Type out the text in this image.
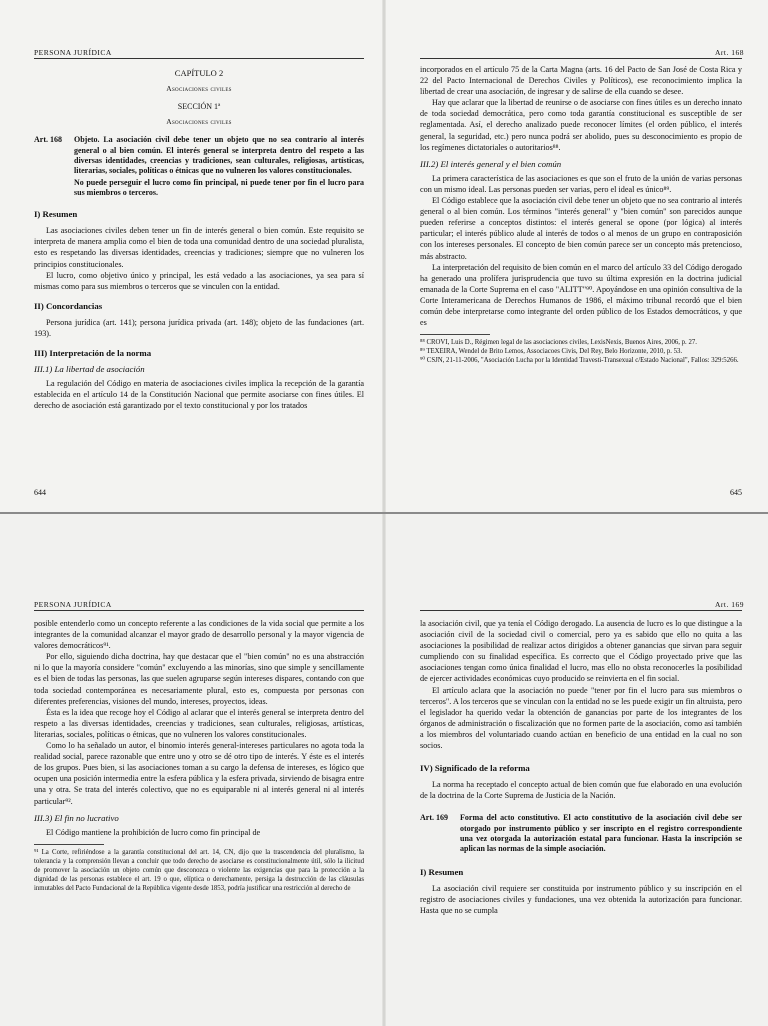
PERSONA JURÍDICA
CAPÍTULO 2
Asociaciones civiles
SECCIÓN 1ª
Asociaciones civiles
Art. 168	Objeto. La asociación civil debe tener un objeto que no sea contrario al interés general o al bien común. El interés general se interpreta dentro del respeto a las diversas identidades, creencias y tradiciones, sean culturales, religiosas, artísticas, literarias, sociales, políticas o étnicas que no vulneren los valores constitucionales.
No puede perseguir el lucro como fin principal, ni puede tener por fin el lucro para sus miembros o terceros.
I) Resumen

Las asociaciones civiles deben tener un fin de interés general o bien común. Este requisito se interpreta de manera amplia como el bien de toda una comunidad dentro de una sociedad pluralista, esto es respetando las diversas identidades, creencias y tradiciones; siempre que no vulneren los principios constitucionales.

El lucro, como objetivo único y principal, les está vedado a las asociaciones, ya sea para sí mismas como para sus miembros o terceros que se vinculen con la entidad.

II) Concordancias

Persona jurídica (art. 141); persona jurídica privada (art. 148); objeto de las fundaciones (art. 193).

III) Interpretación de la norma
III.1) La libertad de asociación

La regulación del Código en materia de asociaciones civiles implica la recepción de la garantía establecida en el artículo 14 de la Constitución Nacional que permite asociarse con fines útiles. El derecho de asociación está garantizado por el texto constitucional y por los tratados

644
Art. 168

incorporados en el artículo 75 de la Carta Magna (arts. 16 del Pacto de San José de Costa Rica y 22 del Pacto Internacional de Derechos Civiles y Políticos), ese reconocimiento implica la libertad de crear una asociación, de ingresar y de salirse de ella cuando se desee.

Hay que aclarar que la libertad de reunirse o de asociarse con fines útiles es un derecho innato de toda sociedad democrática, pero como toda garantía constitucional es susceptible de ser reglamentada. Así, el derecho analizado puede reconocer límites (el orden público, el interés general, la seguridad, etc.) pero nunca podrá ser abolido, pues su desconocimiento es propio de los regímenes dictatoriales o autoritarios⁸⁸.

III.2) El interés general y el bien común

La primera característica de las asociaciones es que son el fruto de la unión de varias personas con un mismo ideal. Las personas pueden ser varias, pero el ideal es único⁸⁹.

El Código establece que la asociación civil debe tener un objeto que no sea contrario al interés general o al bien común. Los términos "interés general" y "bien común" son parecidos aunque pueden referirse a conceptos distintos: el interés general se opone (por lógica) al interés particular; el interés público alude al interés de todos o al menos de un grupo en contraposición con los intereses personales. El concepto de bien común parece ser un concepto más pretencioso, más abstracto.

La interpretación del requisito de bien común en el marco del artículo 33 del Código derogado ha generado una prolífera jurisprudencia que tuvo su última expresión en la doctrina judicial emanada de la Corte Suprema en el caso "ALITT"⁹⁰. Apoyándose en una opinión consultiva de la Corte Interamericana de Derechos Humanos de 1986, el máximo tribunal recordó que el bien común debe interpretarse como integrante del orden público de los Estados democráticos, y que es

⁸⁸ CROVI, Luis D., Régimen legal de las asociaciones civiles, LexisNexis, Buenos Aires, 2006, p. 27.
⁸⁹ TEXEIRA, Wendel de Brito Lemos, Associacoes Civis, Del Rey, Belo Horizonte, 2010, p. 53.
⁹⁰ CSJN, 21-11-2006, "Asociación Lucha por la Identidad Travesti-Transexual c/Estado Nacional", Fallos: 329:5266.
645
PERSONA JURÍDICA

posible entenderlo como un concepto referente a las condiciones de la vida social que permite a los integrantes de la comunidad alcanzar el mayor grado de desarrollo personal y la mayor vigencia de valores democráticos⁹¹.

Por ello, siguiendo dicha doctrina, hay que destacar que el "bien común" no es una abstracción ni lo que la mayoría considere "común" excluyendo a las minorías, sino que simple y sencillamente es el bien de todas las personas, las que suelen agruparse según intereses dispares, contando con que toda sociedad contemporánea es necesariamente plural, esto es, compuesta por personas con diferentes preferencias, visiones del mundo, intereses, proyectos, ideas.

Ésta es la idea que recoge hoy el Código al aclarar que el interés general se interpreta dentro del respeto a las diversas identidades, creencias y tradiciones, sean culturales, religiosas, artísticas, literarias, sociales, políticas o étnicas, que no vulneren los valores constitucionales.

Como lo ha señalado un autor, el binomio interés general-intereses particulares no agota toda la realidad social, parece razonable que entre uno y otro se dé otro tipo de interés. Y éste es el interés de los grupos. Pues bien, si las asociaciones toman a su cargo la defensa de intereses, es lógico que ocupen una posición intermedia entre la esfera pública y la esfera privada, sirviendo de bisagra entre una y otra. Se trata del interés colectivo, que no es equiparable ni al interés general ni al interés particular⁹².

III.3) El fin no lucrativo

El Código mantiene la prohibición de lucro como fin principal de

⁹¹ La Corte, refiriéndose a la garantía constitucional del art. 14, CN, dijo que la trascendencia del pluralismo, la tolerancia y la comprensión llevan a concluir que todo derecho de asociarse es constitucionalmente útil, sólo la ilicitud de promover la asociación un objeto común que desconozca o violente las exigencias que para la protección a la dignidad de las personas establece el art. 19 o que, elíptica o derechamente, persiga la destrucción de las cláusulas inmutables del Pacto Fundacional de la República vigente desde 1853, podría justificar una restricción al derecho de
Art. 169

la asociación civil, que ya tenía el Código derogado. La ausencia de lucro es lo que distingue a la asociación civil de la sociedad civil o comercial, pero ya es sabido que ello no quita a las asociaciones la posibilidad de realizar actos dirigidos a obtener ganancias que sirvan para seguir cumpliendo con su finalidad específica. Es correcto que el Código proyectado prive que las asociaciones tengan como única finalidad el lucro, mas ello no obsta reconocerles la posibilidad de ejercer actividades económicas cuyo producido se reinvierta en el fin social.

El artículo aclara que la asociación no puede "tener por fin el lucro para sus miembros o terceros". A los terceros que se vinculan con la entidad no se les puede exigir un fin altruista, pero el legislador ha querido vedar la obtención de ganancias por parte de los integrantes de los órganos de administración o fiscalización que no formen parte de la asociación, como así también a los miembros del voluntariado cuando actúan en beneficio de una entidad en la cual no son socios.

IV) Significado de la reforma

La norma ha receptado el concepto actual de bien común que fue elaborado en una evolución de la doctrina de la Corte Suprema de Justicia de la Nación.

Art. 169	Forma del acto constitutivo. El acto constitutivo de la asociación civil debe ser otorgado por instrumento público y ser inscripto en el registro correspondiente una vez otorgada la autorización estatal para funcionar. Hasta la inscripción se aplican las normas de la simple asociación.
I) Resumen

La asociación civil requiere ser constituida por instrumento público y su inscripción en el registro de asociaciones civiles y fundaciones, una vez obtenida la autorización para funcionar. Hasta que no se cumpla
